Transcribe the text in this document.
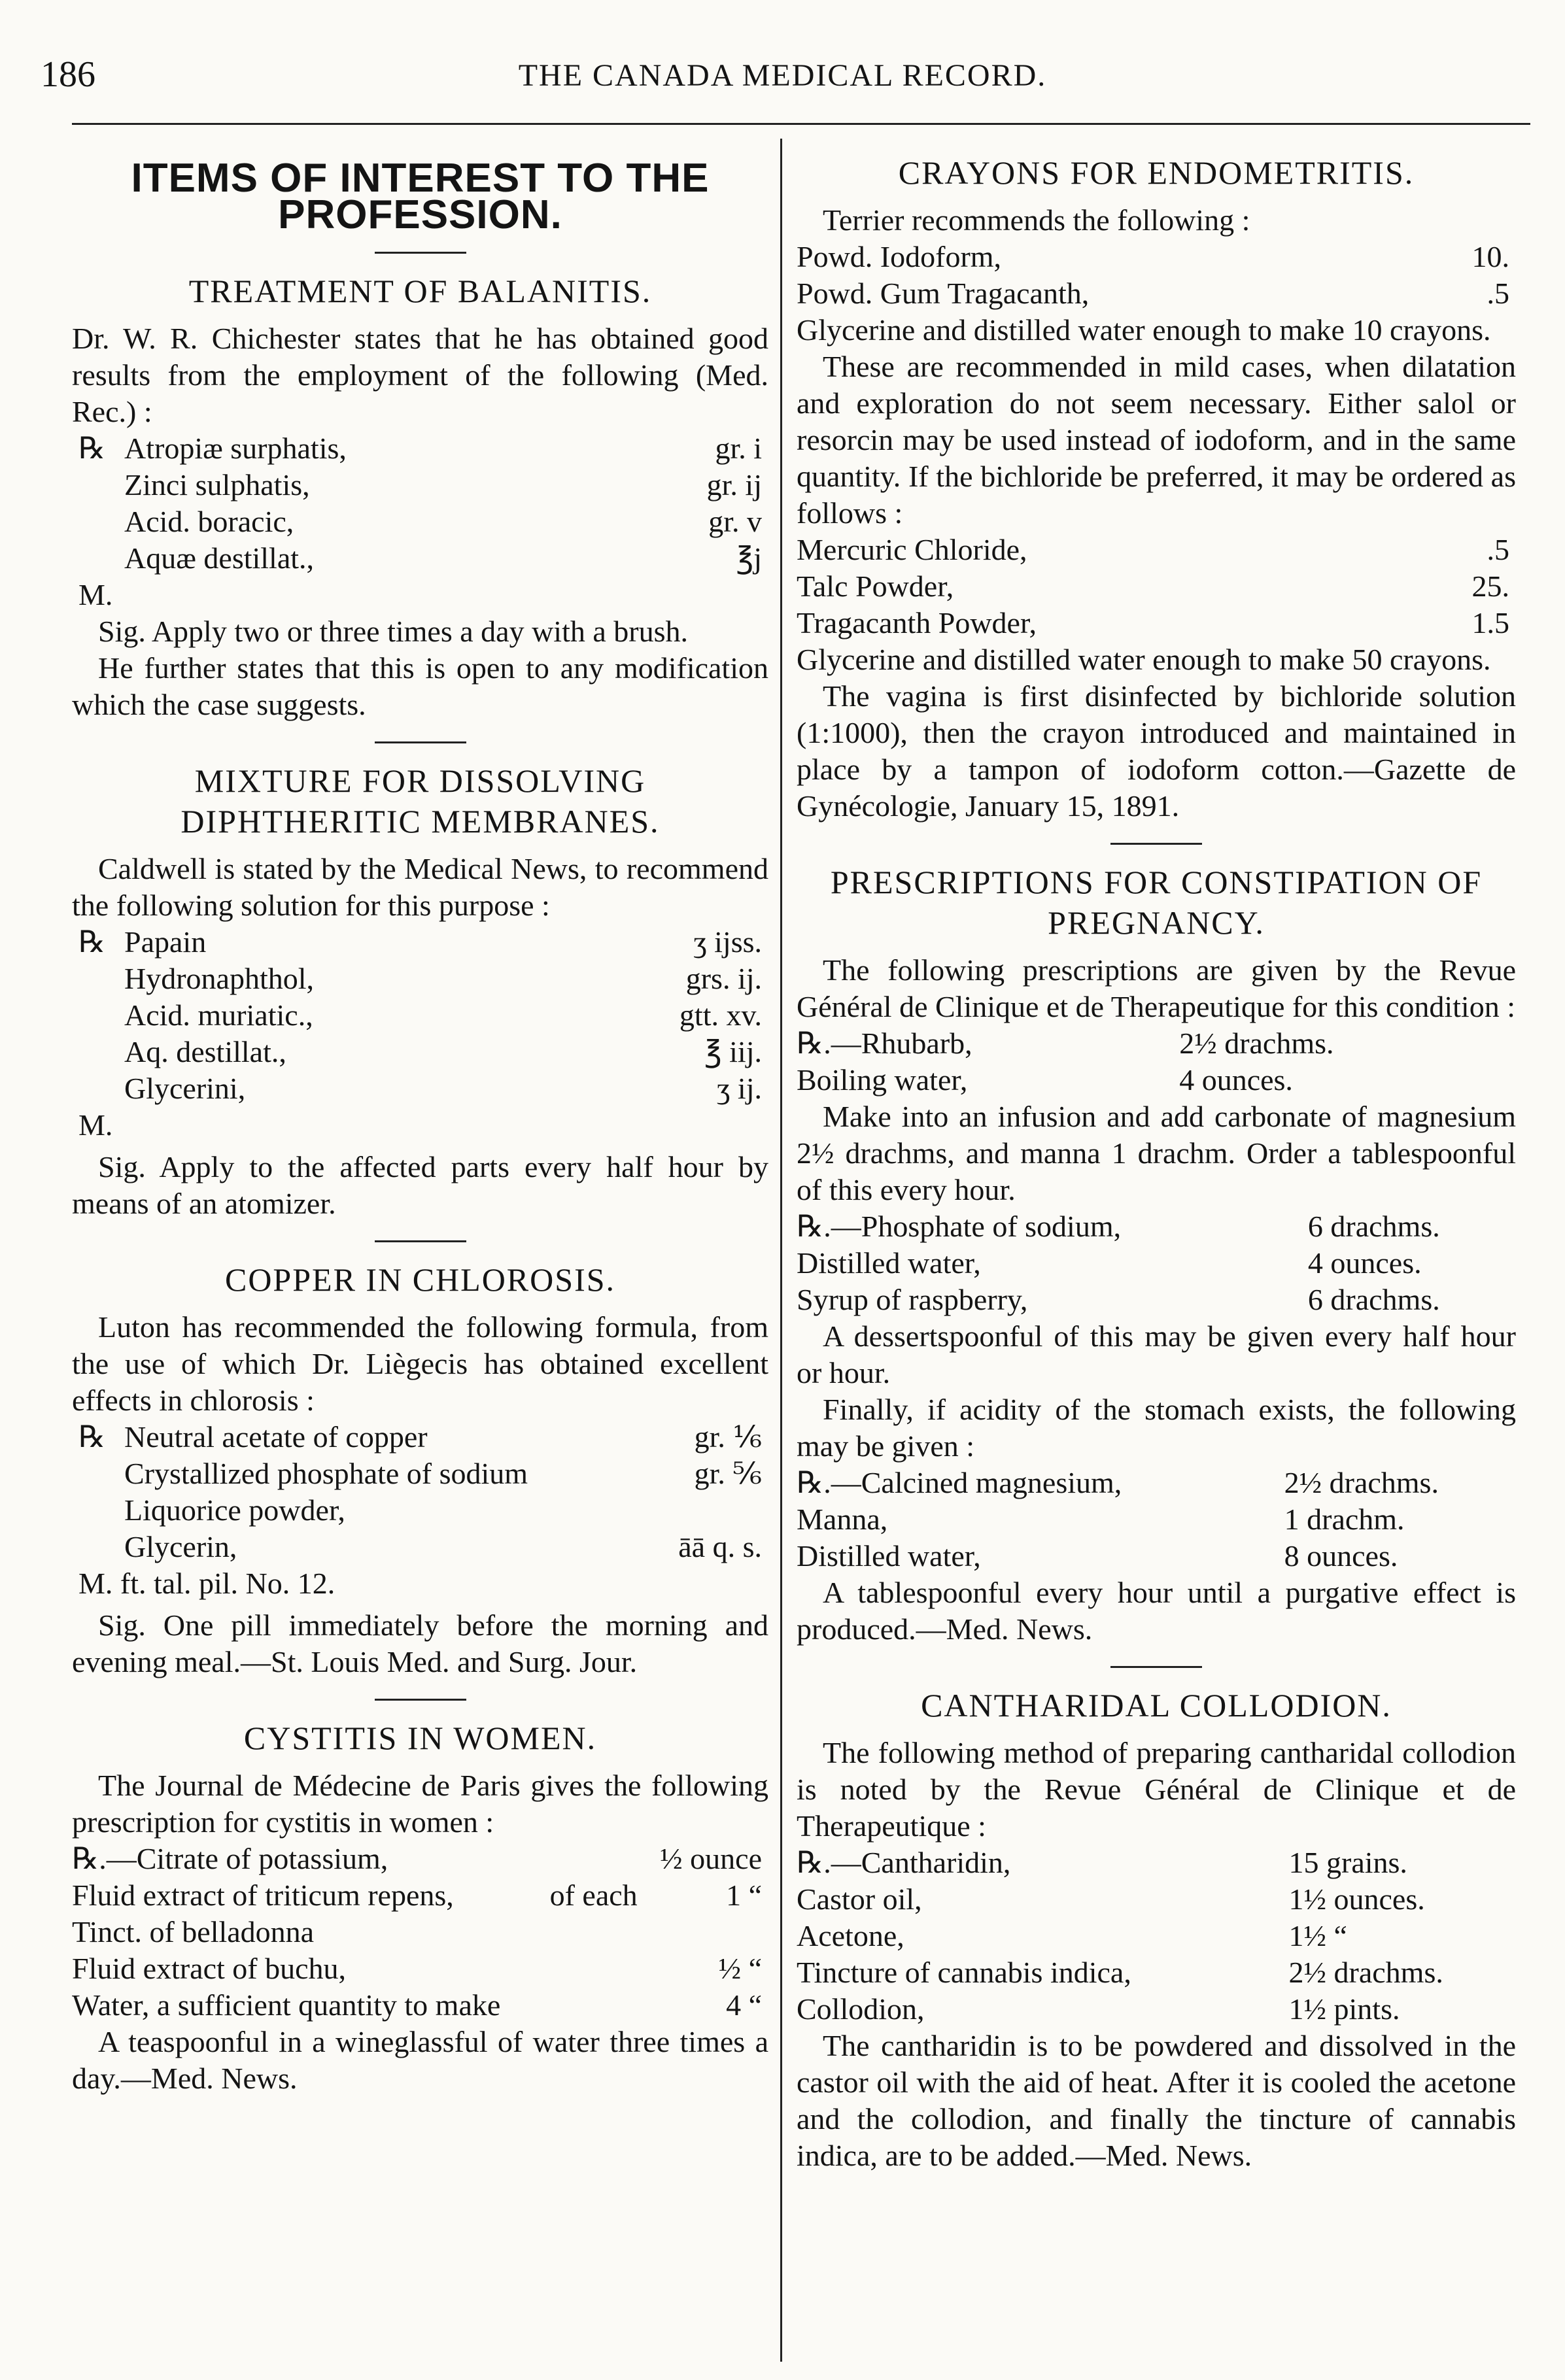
186	THE CANADA MEDICAL RECORD.
ITEMS OF INTEREST TO THE PROFESSION.
TREATMENT OF BALANITIS.

Dr. W. R. Chichester states that he has obtained good results from the employment of the following (Med. Rec.) :

℞	Atropiæ surphatis,	gr. i
	Zinci sulphatis,	gr. ij
	Acid. boracic,	gr. v
	Aquæ destillat.,	℥j
M.

Sig. Apply two or three times a day with a brush.

He further states that this is open to any modification which the case suggests.

MIXTURE FOR DISSOLVING DIPHTHERITIC MEMBRANES.

Caldwell is stated by the Medical News, to recommend the following solution for this purpose :

℞	Papain	ʒ ijss.
	Hydronaphthol,	grs. ij.
	Acid. muriatic.,	gtt. xv.
	Aq. destillat.,	℥ iij.
	Glycerini,	ʒ ij.
M.

Sig. Apply to the affected parts every half hour by means of an atomizer.

COPPER IN CHLOROSIS.

Luton has recommended the following formula, from the use of which Dr. Liègecis has obtained excellent effects in chlorosis :

℞	Neutral acetate of copper	gr. ⅙
	Crystallized phosphate of sodium	gr. ⅚
	Liquorice powder,	
	Glycerin,	āā q. s.
M. ft. tal. pil. No. 12.

Sig. One pill immediately before the morning and evening meal.—St. Louis Med. and Surg. Jour.

CYSTITIS IN WOMEN.

The Journal de Médecine de Paris gives the following prescription for cystitis in women :

℞.—Citrate of potassium,		½ ounce
Fluid extract of triticum repens,	of each	1 “
Tinct. of belladonna		
Fluid extract of buchu,		½ “
Water, a sufficient quantity to make		4 “

A teaspoonful in a wineglassful of water three times a day.—Med. News.

CRAYONS FOR ENDOMETRITIS.

Terrier recommends the following :

Powd. Iodoform,	10.
Powd. Gum Tragacanth,	.5

Glycerine and distilled water enough to make 10 crayons.

These are recommended in mild cases, when dilatation and exploration do not seem necessary. Either salol or resorcin may be used instead of iodoform, and in the same quantity. If the bichloride be preferred, it may be ordered as follows :

Mercuric Chloride,	.5
Talc Powder,	25.
Tragacanth Powder,	1.5

Glycerine and distilled water enough to make 50 crayons.

The vagina is first disinfected by bichloride solution (1:1000), then the crayon introduced and maintained in place by a tampon of iodoform cotton.—Gazette de Gynécologie, January 15, 1891.

PRESCRIPTIONS FOR CONSTIPATION OF PREGNANCY.

The following prescriptions are given by the Revue Général de Clinique et de Therapeutique for this condition :

℞.—Rhubarb,	2½ drachms.
Boiling water,	4 ounces.

Make into an infusion and add carbonate of magnesium 2½ drachms, and manna 1 drachm. Order a tablespoonful of this every hour.

℞.—Phosphate of sodium,	6 drachms.
Distilled water,	4 ounces.
Syrup of raspberry,	6 drachms.

A dessertspoonful of this may be given every half hour or hour.

Finally, if acidity of the stomach exists, the following may be given :

℞.—Calcined magnesium,	2½ drachms.
Manna,	1 drachm.
Distilled water,	8 ounces.

A tablespoonful every hour until a purgative effect is produced.—Med. News.

CANTHARIDAL COLLODION.

The following method of preparing cantharidal collodion is noted by the Revue Général de Clinique et de Therapeutique :

℞.—Cantharidin,	15 grains.
Castor oil,	1½ ounces.
Acetone,	1½ “
Tincture of cannabis indica,	2½ drachms.
Collodion,	1½ pints.

The cantharidin is to be powdered and dissolved in the castor oil with the aid of heat. After it is cooled the acetone and the collodion, and finally the tincture of cannabis indica, are to be added.—Med. News.
